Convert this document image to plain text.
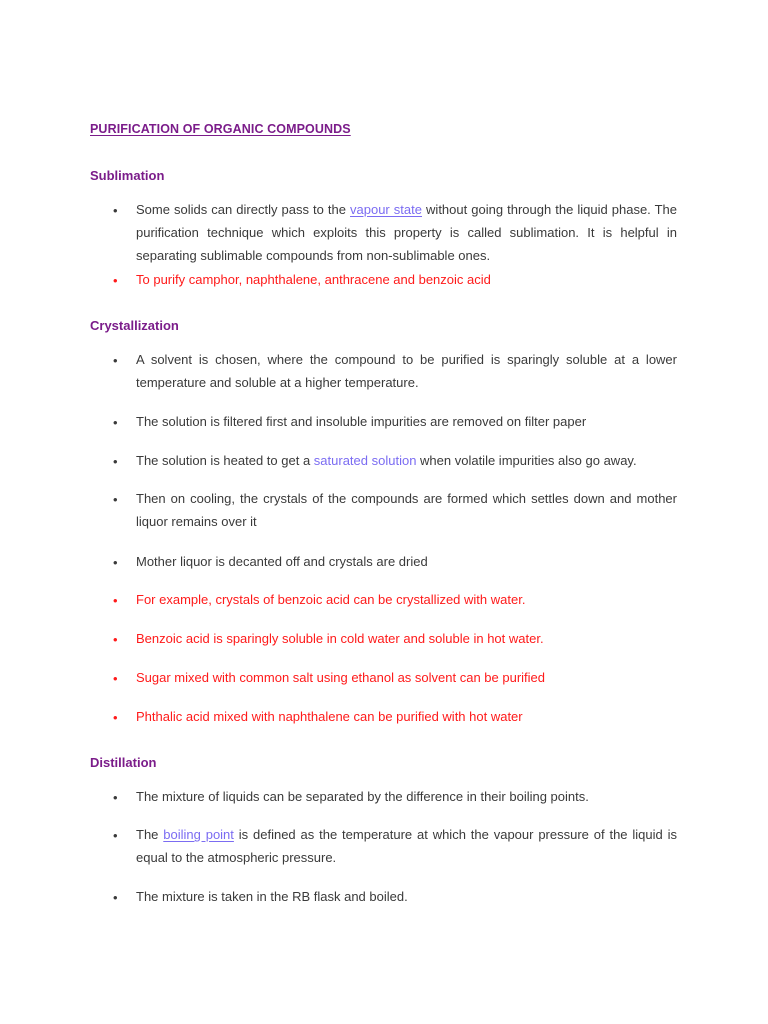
PURIFICATION OF ORGANIC COMPOUNDS
Sublimation
• Some solids can directly pass to the vapour state without going through the liquid phase. The purification technique which exploits this property is called sublimation. It is helpful in separating sublimable compounds from non-sublimable ones.
• To purify camphor, naphthalene, anthracene and benzoic acid
Crystallization
• A solvent is chosen, where the compound to be purified is sparingly soluble at a lower temperature and soluble at a higher temperature.
• The solution is filtered first and insoluble impurities are removed on filter paper
• The solution is heated to get a saturated solution when volatile impurities also go away.
• Then on cooling, the crystals of the compounds are formed which settles down and mother liquor remains over it
• Mother liquor is decanted off and crystals are dried
• For example, crystals of benzoic acid can be crystallized with water.
• Benzoic acid is sparingly soluble in cold water and soluble in hot water.
• Sugar mixed with common salt using ethanol as solvent can be purified
• Phthalic acid mixed with naphthalene can be purified with hot water
Distillation
• The mixture of liquids can be separated by the difference in their boiling points.
• The boiling point is defined as the temperature at which the vapour pressure of the liquid is equal to the atmospheric pressure.
• The mixture is taken in the RB flask and boiled.
